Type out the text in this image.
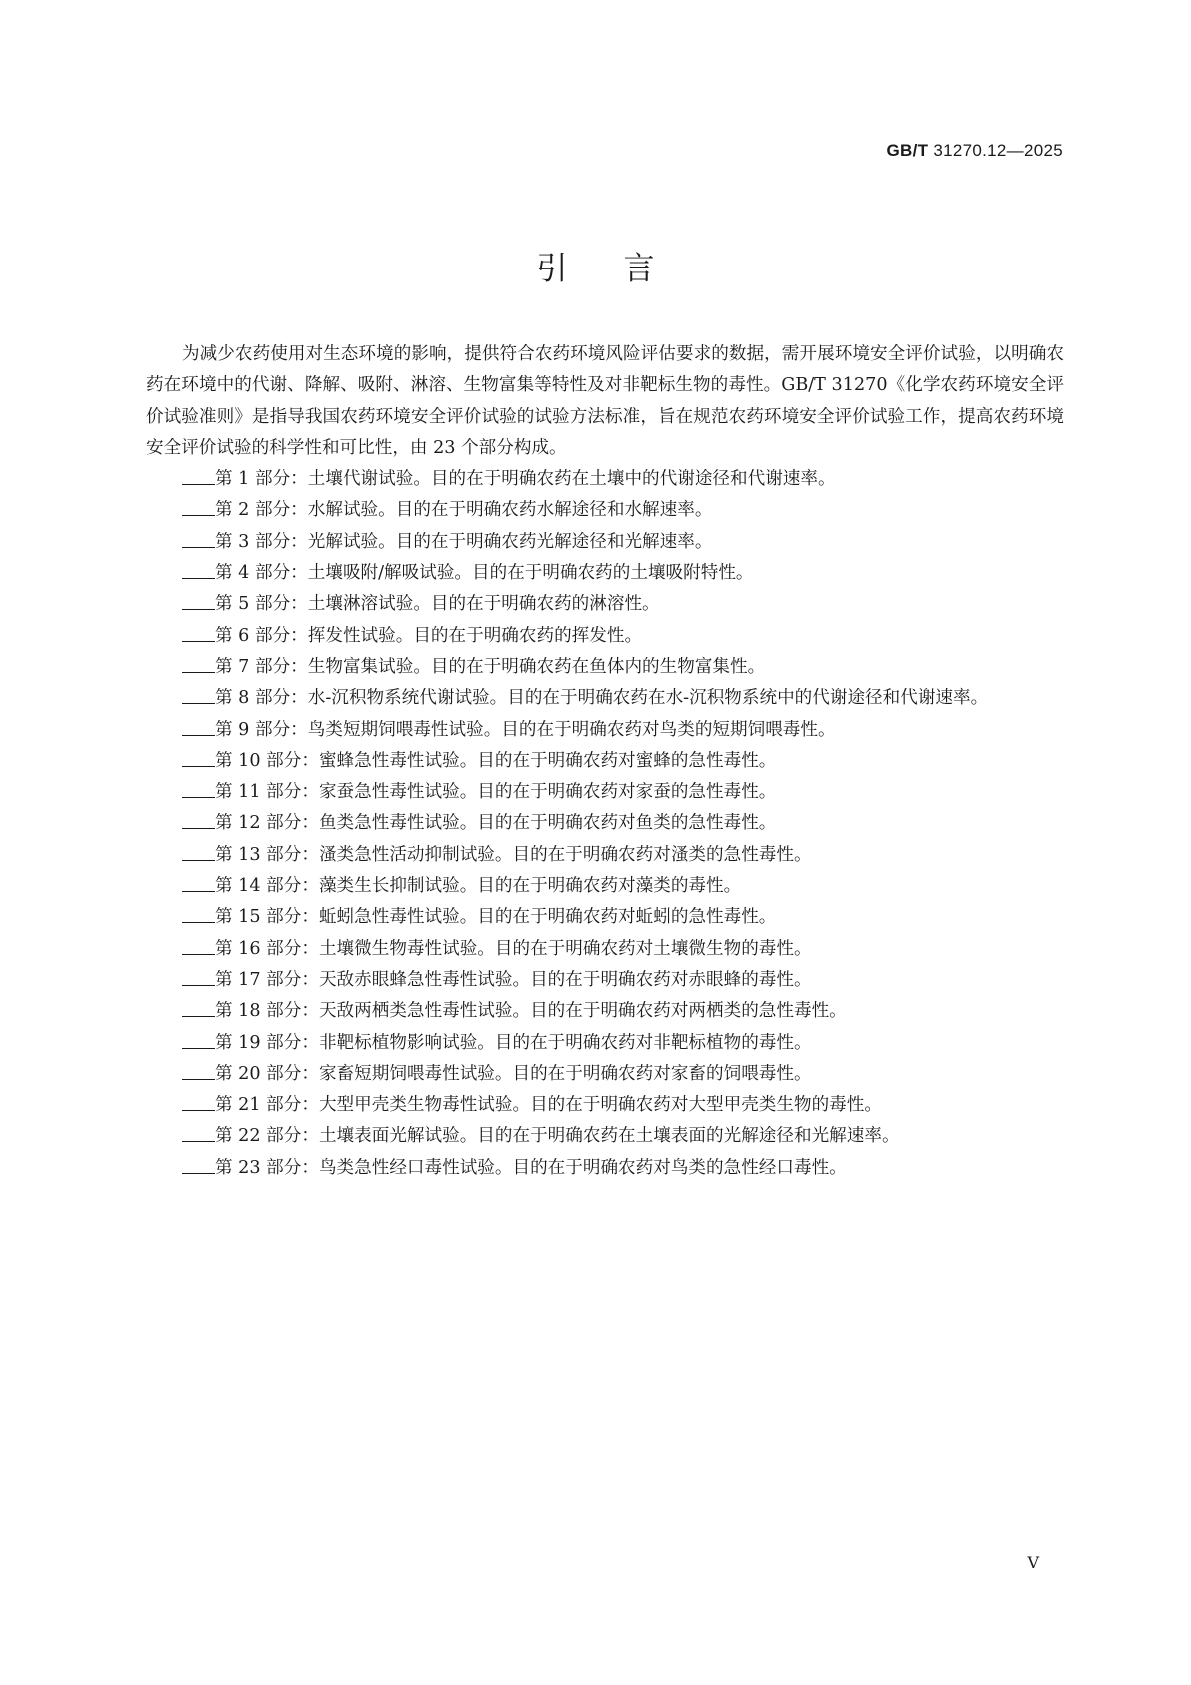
GB/T 31270.12—2025
引言

为减少农药使用对生态环境的影响，提供符合农药环境风险评估要求的数据，需开展环境安全评价试验，以明确农药在环境中的代谢、降解、吸附、淋溶、生物富集等特性及对非靶标生物的毒性。GB/T 31270《化学农药环境安全评价试验准则》是指导我国农药环境安全评价试验的试验方法标准，旨在规范农药环境安全评价试验工作，提高农药环境安全评价试验的科学性和可比性，由 23 个部分构成。

第 1 部分：土壤代谢试验。目的在于明确农药在土壤中的代谢途径和代谢速率。
第 2 部分：水解试验。目的在于明确农药水解途径和水解速率。
第 3 部分：光解试验。目的在于明确农药光解途径和光解速率。
第 4 部分：土壤吸附/解吸试验。目的在于明确农药的土壤吸附特性。
第 5 部分：土壤淋溶试验。目的在于明确农药的淋溶性。
第 6 部分：挥发性试验。目的在于明确农药的挥发性。
第 7 部分：生物富集试验。目的在于明确农药在鱼体内的生物富集性。
第 8 部分：水-沉积物系统代谢试验。目的在于明确农药在水-沉积物系统中的代谢途径和代谢速率。
第 9 部分：鸟类短期饲喂毒性试验。目的在于明确农药对鸟类的短期饲喂毒性。
第 10 部分：蜜蜂急性毒性试验。目的在于明确农药对蜜蜂的急性毒性。
第 11 部分：家蚕急性毒性试验。目的在于明确农药对家蚕的急性毒性。
第 12 部分：鱼类急性毒性试验。目的在于明确农药对鱼类的急性毒性。
第 13 部分：溞类急性活动抑制试验。目的在于明确农药对溞类的急性毒性。
第 14 部分：藻类生长抑制试验。目的在于明确农药对藻类的毒性。
第 15 部分：蚯蚓急性毒性试验。目的在于明确农药对蚯蚓的急性毒性。
第 16 部分：土壤微生物毒性试验。目的在于明确农药对土壤微生物的毒性。
第 17 部分：天敌赤眼蜂急性毒性试验。目的在于明确农药对赤眼蜂的毒性。
第 18 部分：天敌两栖类急性毒性试验。目的在于明确农药对两栖类的急性毒性。
第 19 部分：非靶标植物影响试验。目的在于明确农药对非靶标植物的毒性。
第 20 部分：家畜短期饲喂毒性试验。目的在于明确农药对家畜的饲喂毒性。
第 21 部分：大型甲壳类生物毒性试验。目的在于明确农药对大型甲壳类生物的毒性。
第 22 部分：土壤表面光解试验。目的在于明确农药在土壤表面的光解途径和光解速率。
第 23 部分：鸟类急性经口毒性试验。目的在于明确农药对鸟类的急性经口毒性。
V
